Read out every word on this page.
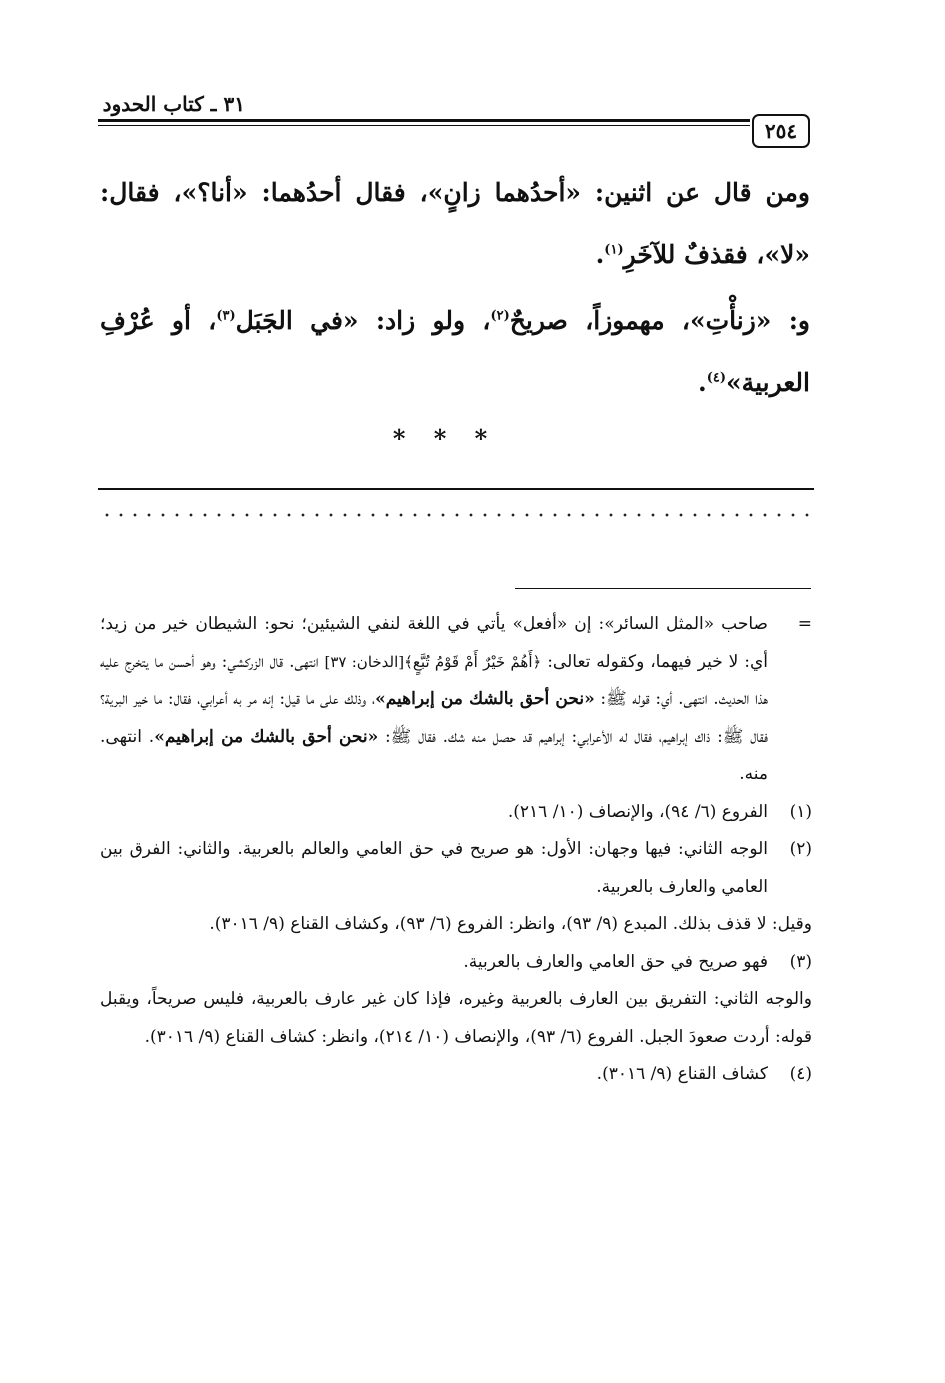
٣١ ـ كتاب الحدود
٢٥٤

ومن قال عن اثنين: «أحدُهما زانٍ»، فقال أحدُهما: «أنا؟»، فقال: «لا»، فقذفٌ للآخَرِ$^{(١)}$.

و: «زنأْتِ»، مهموزاً، صريحٌ$^{(٢)}$، ولو زاد: «في الجَبَل$^{(٣)}$، أو عُرْفِ العربية»$^{(٤)}$.

* * *
=
صاحب «المثل السائر»: إن «أفعل» يأتي في اللغة لنفي الشيئين؛ نحو: الشيطان خير من زيد؛ أي: لا خير فيهما، وكقوله تعالى: ﴿أَهُمْ خَيْرٌ أَمْ قَوْمُ تُبَّعٍ﴾[الدخان: ٣٧] انتهى. قال الزركشي: وهو أحسن ما يتخرج عليه هذا الحديث. انتهى. أي: قوله ﷺ: «نحن أحق بالشك من إبراهيم»، وذلك على ما قيل: إنه مر به أعرابي، فقال: ما خير البرية؟ فقال ﷺ: ذاك إبراهيم، فقال له الأعرابي: إبراهيم قد حصل منه شك. فقال ﷺ: «نحن أحق بالشك من إبراهيم». انتهى. منه.
(١)
الفروع (٦/ ٩٤)، والإنصاف (١٠/ ٢١٦).
(٢)
الوجه الثاني: فيها وجهان: الأول: هو صريح في حق العامي والعالم بالعربية. والثاني: الفرق بين العامي والعارف بالعربية.

وقيل: لا قذف بذلك. المبدع (٩/ ٩٣)، وانظر: الفروع (٦/ ٩٣)، وكشاف القناع (٩/ ٣٠١٦).

(٣)
فهو صريح في حق العامي والعارف بالعربية.

والوجه الثاني: التفريق بين العارف بالعربية وغيره، فإذا كان غير عارف بالعربية، فليس صريحاً، ويقبل قوله: أردت صعودَ الجبل. الفروع (٦/ ٩٣)، والإنصاف (١٠/ ٢١٤)، وانظر: كشاف القناع (٩/ ٣٠١٦).

(٤)
كشاف القناع (٩/ ٣٠١٦).
